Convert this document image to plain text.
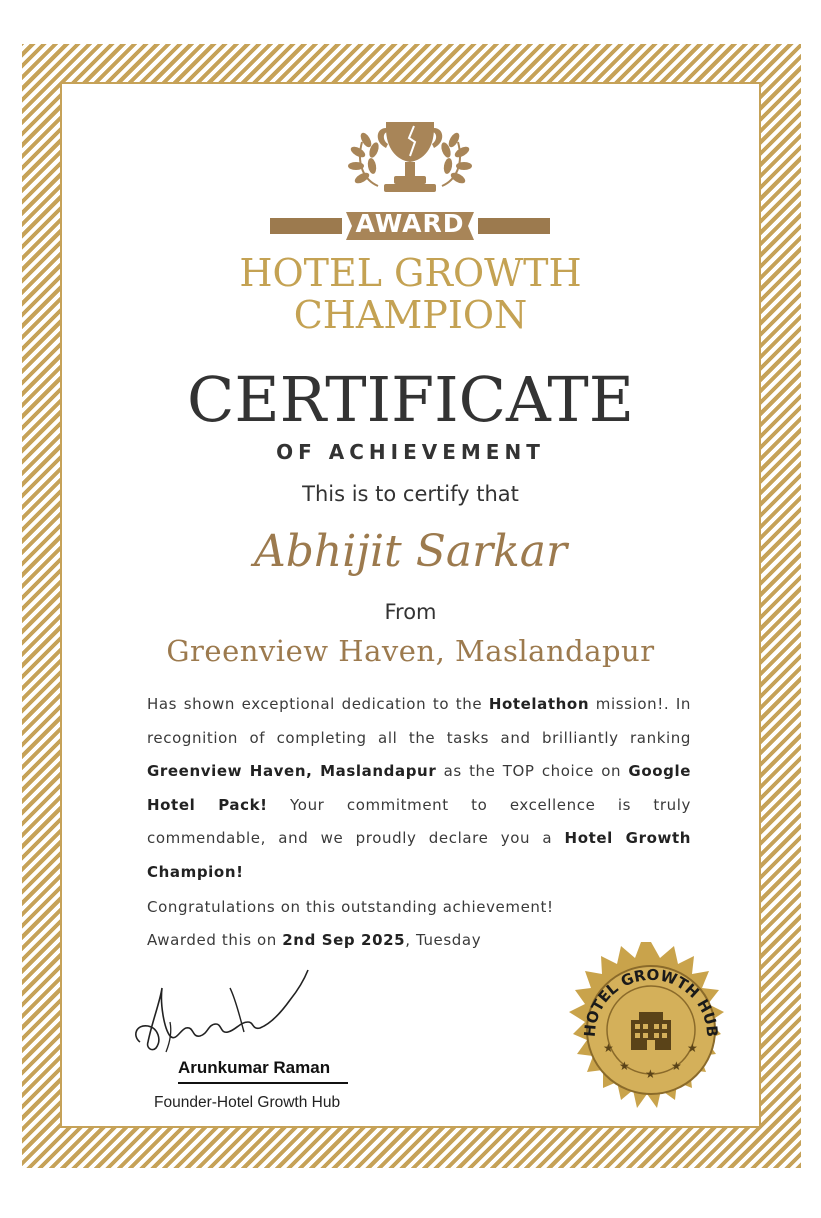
AWARD
HOTEL GROWTH
CHAMPION
CERTIFICATE
OF ACHIEVEMENT
This is to certify that
Abhijit Sarkar
From
Greenview Haven, Maslandapur
Has shown exceptional dedication to the Hotelathon mission!. In recognition of completing all the tasks and brilliantly ranking Greenview Haven, Maslandapur as the TOP choice on Google Hotel Pack! Your commitment to excellence is truly commendable, and we proudly declare you a Hotel Growth Champion!
Congratulations on this outstanding achievement!
Awarded this on 2nd Sep 2025, Tuesday
Arunkumar Raman
Founder-Hotel Growth Hub
HOTEL GROWTH HUB
★
★
★
★
★
